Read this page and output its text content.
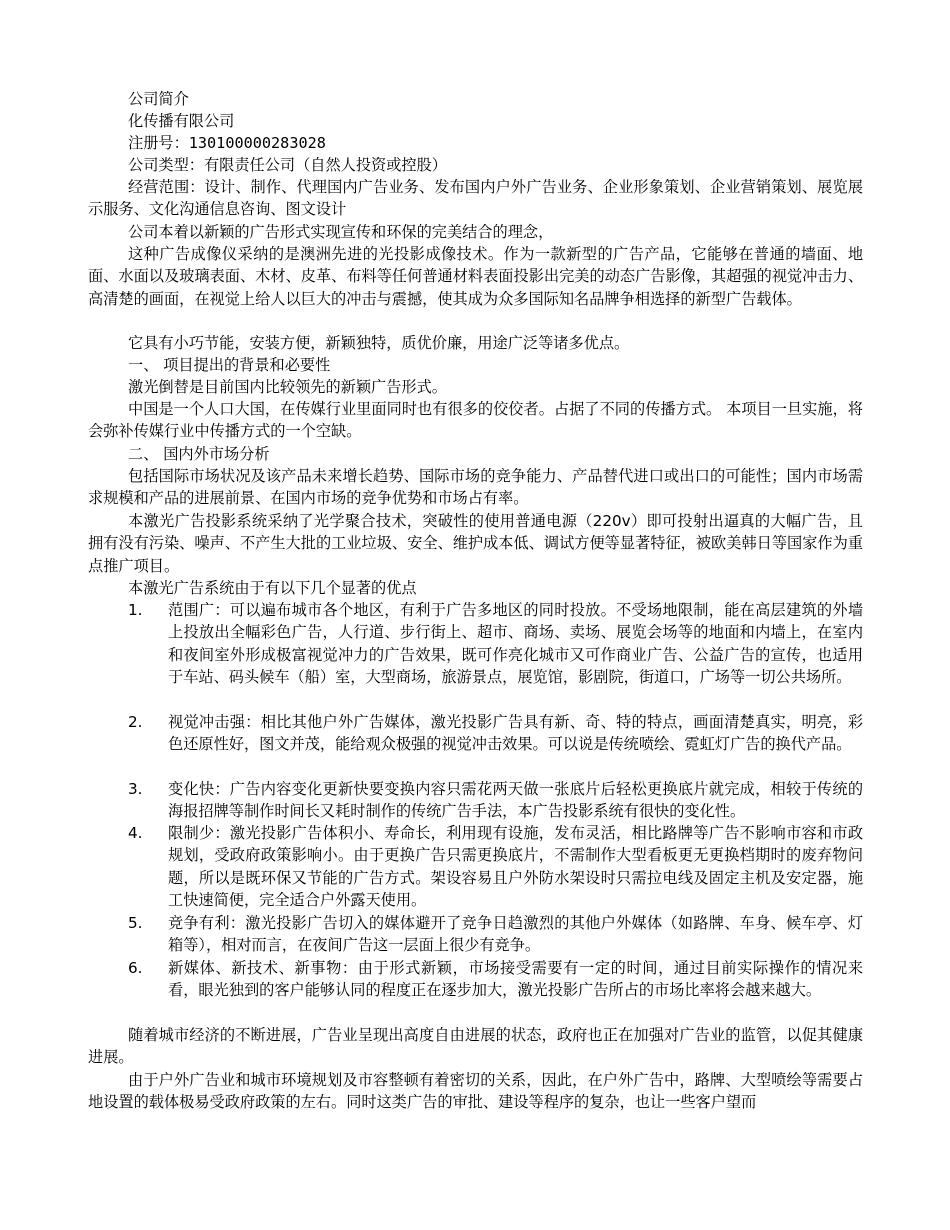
公司简介
化传播有限公司
注册号：130100000283028
公司类型：有限责任公司（自然人投资或控股）

经营范围：设计、制作、代理国内广告业务、发布国内户外广告业务、企业形象策划、企业营销策划、展览展示服务、文化沟通信息咨询、图文设计

公司本着以新颖的广告形式实现宣传和环保的完美结合的理念，

这种广告成像仪采纳的是澳洲先进的光投影成像技术。作为一款新型的广告产品，它能够在普通的墙面、地面、水面以及玻璃表面、木材、皮革、布料等任何普通材料表面投影出完美的动态广告影像，其超强的视觉冲击力、高清楚的画面，在视觉上给人以巨大的冲击与震撼，使其成为众多国际知名品牌争相选择的新型广告载体。

它具有小巧节能，安装方便，新颖独特，质优价廉，用途广泛等诸多优点。

一、 项目提出的背景和必要性

激光倒替是目前国内比较领先的新颖广告形式。

中国是一个人口大国，在传媒行业里面同时也有很多的佼佼者。占据了不同的传播方式。 本项目一旦实施，将会弥补传媒行业中传播方式的一个空缺。

二、 国内外市场分析

包括国际市场状况及该产品未来增长趋势、国际市场的竞争能力、产品替代进口或出口的可能性；国内市场需求规模和产品的进展前景、在国内市场的竞争优势和市场占有率。

本激光广告投影系统采纳了光学聚合技术，突破性的使用普通电源（220v）即可投射出逼真的大幅广告，且拥有没有污染、噪声、不产生大批的工业垃圾、安全、维护成本低、调试方便等显著特征，被欧美韩日等国家作为重点推广项目。

本激光广告系统由于有以下几个显著的优点

1.	范围广：可以遍布城市各个地区，有利于广告多地区的同时投放。不受场地限制，能在高层建筑的外墙上投放出全幅彩色广告，人行道、步行街上、超市、商场、卖场、展览会场等的地面和内墙上，在室内和夜间室外形成极富视觉冲力的广告效果，既可作亮化城市又可作商业广告、公益广告的宣传，也适用于车站、码头候车（船）室，大型商场，旅游景点，展览馆，影剧院，街道口，广场等一切公共场所。
2.	视觉冲击强：相比其他户外广告媒体，激光投影广告具有新、奇、特的特点，画面清楚真实，明亮，彩色还原性好，图文并茂，能给观众极强的视觉冲击效果。可以说是传统喷绘、霓虹灯广告的换代产品。
3.	变化快：广告内容变化更新快要变换内容只需花两天做一张底片后轻松更换底片就完成，相较于传统的海报招牌等制作时间长又耗时制作的传统广告手法，本广告投影系统有很快的变化性。
4.	限制少：激光投影广告体积小、寿命长，利用现有设施，发布灵活，相比路牌等广告不影响市容和市政规划，受政府政策影响小。由于更换广告只需更换底片，不需制作大型看板更无更换档期时的废弃物问题，所以是既环保又节能的广告方式。架设容易且户外防水架设时只需拉电线及固定主机及安定器，施工快速简便，完全适合户外露天使用。
5.	竞争有利：激光投影广告切入的媒体避开了竞争日趋激烈的其他户外媒体（如路牌、车身、候车亭、灯箱等），相对而言，在夜间广告这一层面上很少有竞争。
6.	新媒体、新技术、新事物：由于形式新颖，市场接受需要有一定的时间，通过目前实际操作的情况来看，眼光独到的客户能够认同的程度正在逐步加大，激光投影广告所占的市场比率将会越来越大。

随着城市经济的不断进展，广告业呈现出高度自由进展的状态，政府也正在加强对广告业的监管，以促其健康进展。

由于户外广告业和城市环境规划及市容整顿有着密切的关系，因此，在户外广告中，路牌、大型喷绘等需要占地设置的载体极易受政府政策的左右。同时这类广告的审批、建设等程序的复杂，也让一些客户望而
